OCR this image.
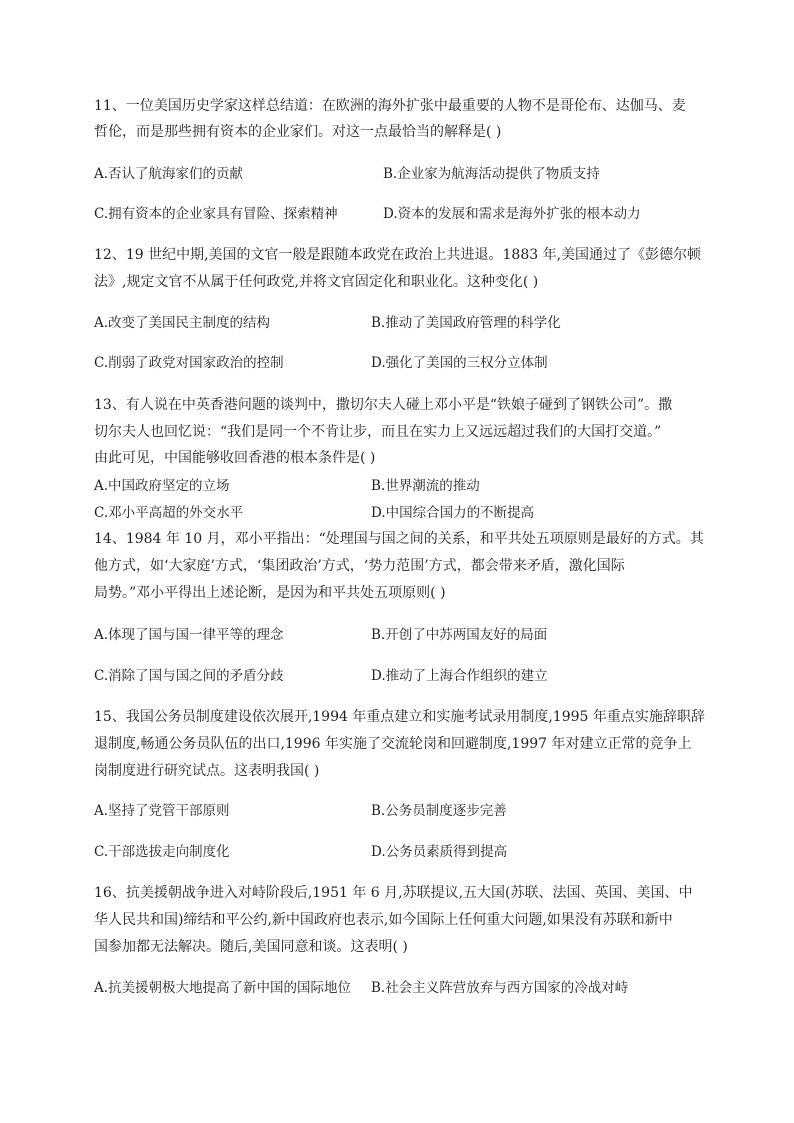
11、一位美国历史学家这样总结道：在欧洲的海外扩张中最重要的人物不是哥伦布、达伽马、麦
哲伦，而是那些拥有资本的企业家们。对这一点最恰当的解释是( )
A.否认了航海家们的贡献	B.企业家为航海活动提供了物质支持
C.拥有资本的企业家具有冒险、探索精神	D.资本的发展和需求是海外扩张的根本动力
12、19 世纪中期,美国的文官一般是跟随本政党在政治上共进退。1883 年,美国通过了《彭德尔顿
法》,规定文官不从属于任何政党,并将文官固定化和职业化。这种变化( )
A.改变了美国民主制度的结构	B.推动了美国政府管理的科学化
C.削弱了政党对国家政治的控制	D.强化了美国的三权分立体制
13、有人说在中英香港问题的谈判中，撒切尔夫人碰上邓小平是“铁娘子碰到了钢铁公司”。撒
切尔夫人也回忆说：“我们是同一个不肯让步，而且在实力上又远远超过我们的大国打交道。”
由此可见，中国能够收回香港的根本条件是( )
A.中国政府坚定的立场	B.世界潮流的推动
C.邓小平高超的外交水平	D.中国综合国力的不断提高
14、1984 年 10 月，邓小平指出：“处理国与国之间的关系，和平共处五项原则是最好的方式。其
他方式，如‘大家庭’方式，‘集团政治’方式，‘势力范围’方式，都会带来矛盾，激化国际
局势。”邓小平得出上述论断，是因为和平共处五项原则( )
A.体现了国与国一律平等的理念	B.开创了中苏两国友好的局面
C.消除了国与国之间的矛盾分歧	D.推动了上海合作组织的建立
15、我国公务员制度建设依次展开,1994 年重点建立和实施考试录用制度,1995 年重点实施辞职辞
退制度,畅通公务员队伍的出口,1996 年实施了交流轮岗和回避制度,1997 年对建立正常的竞争上
岗制度进行研究试点。这表明我国( )
A.坚持了党管干部原则	B.公务员制度逐步完善
C.干部选拔走向制度化	D.公务员素质得到提高
16、抗美援朝战争进入对峙阶段后,1951 年 6 月,苏联提议,五大国(苏联、法国、英国、美国、中
华人民共和国)缔结和平公约,新中国政府也表示,如今国际上任何重大问题,如果没有苏联和新中
国参加都无法解决。随后,美国同意和谈。这表明( )
A.抗美援朝极大地提高了新中国的国际地位 B.社会主义阵营放弃与西方国家的冷战对峙
